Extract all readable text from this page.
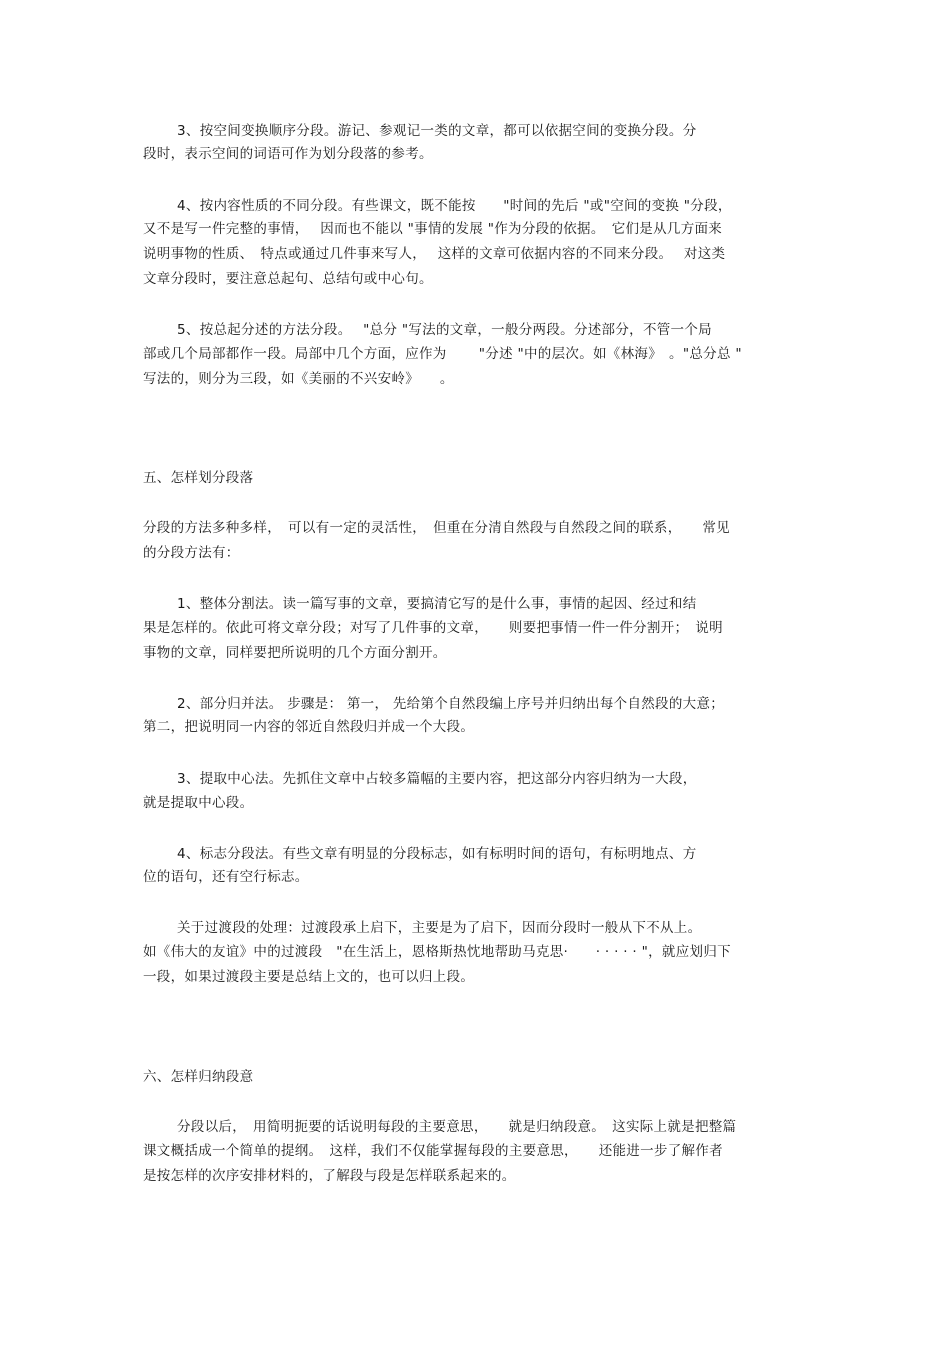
3、按空间变换顺序分段。游记、参观记一类的文章，都可以依据空间的变换分段。分
段时，表示空间的词语可作为划分段落的参考。
4、按内容性质的不同分段。有些课文，既不能按　　"时间的先后 "或"空间的变换 "分段，
又不是写一件完整的事情，　 因而也不能以 "事情的发展 "作为分段的依据。　它们是从几方面来
说明事物的性质、　特点或通过几件事来写人，　 这样的文章可依据内容的不同来分段。　 对这类
文章分段时，要注意总起句、总结句或中心句。
5、按总起分述的方法分段。　 "总分 "写法的文章，一般分两段。分述部分，不管一个局
部或几个局部都作一段。局部中几个方面，应作为　　 "分述 "中的层次。如《林海》　。"总分总 "
写法的，则分为三段，如《美丽的不兴安岭》　　。
五、怎样划分段落
分段的方法多种多样，　可以有一定的灵活性，　但重在分清自然段与自然段之间的联系，　　常见
的分段方法有：
1、整体分割法。读一篇写事的文章，要搞清它写的是什么事，事情的起因、经过和结
果是怎样的。依此可将文章分段；对写了几件事的文章，　　则要把事情一件一件分割开；　说明
事物的文章，同样要把所说明的几个方面分割开。
2、部分归并法。 步骤是： 第一， 先给第个自然段编上序号并归纳出每个自然段的大意；
第二，把说明同一内容的邻近自然段归并成一个大段。
3、提取中心法。先抓住文章中占较多篇幅的主要内容，把这部分内容归纳为一大段，
就是提取中心段。
4、标志分段法。有些文章有明显的分段标志，如有标明时间的语句，有标明地点、方
位的语句，还有空行标志。
关于过渡段的处理：过渡段承上启下，主要是为了启下，因而分段时一般从下不从上。
如《伟大的友谊》中的过渡段　"在生活上，恩格斯热忱地帮助马克思·　　· · · · · "，就应划归下
一段，如果过渡段主要是总结上文的，也可以归上段。
六、怎样归纳段意
分段以后，　用简明扼要的话说明每段的主要意思，　　就是归纳段意。　这实际上就是把整篇
课文概括成一个简单的提纲。　这样，我们不仅能掌握每段的主要意思，　　还能进一步了解作者
是按怎样的次序安排材料的，了解段与段是怎样联系起来的。
